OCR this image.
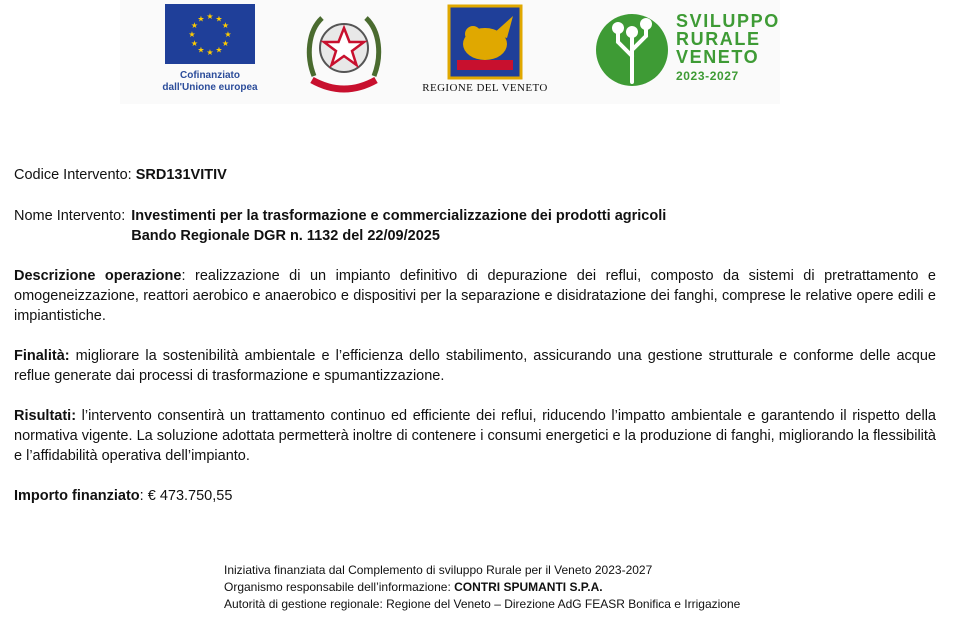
★ ★
★
★
★
★
★
★
★
★
★
★
Cofinanziato
dall'Unione europea	REGIONE DEL VENETO
SVILUPPO
RURALE
VENETO
2023-2027

Codice Intervento: SRD131VITIV

Nome Intervento: Investimenti per la trasformazione e commercializzazione dei prodotti agricoli
Bando Regionale DGR n. 1132 del 22/09/2025

Descrizione operazione: realizzazione di un impianto definitivo di depurazione dei reflui, composto da sistemi di pretrattamento e omogeneizzazione, reattori aerobico e anaerobico e dispositivi per la separazione e disidratazione dei fanghi, comprese le relative opere edili e impiantistiche.

Finalità: migliorare la sostenibilità ambientale e l’efficienza dello stabilimento, assicurando una gestione strutturale e conforme delle acque reflue generate dai processi di trasformazione e spumantizzazione.

Risultati: l’intervento consentirà un trattamento continuo ed efficiente dei reflui, riducendo l’impatto ambientale e garantendo il rispetto della normativa vigente. La soluzione adottata permetterà inoltre di contenere i consumi energetici e la produzione di fanghi, migliorando la flessibilità e l’affidabilità operativa dell’impianto.

Importo finanziato: € 473.750,55

Iniziativa finanziata dal Complemento di sviluppo Rurale per il Veneto 2023-2027
Organismo responsabile dell’informazione: CONTRI SPUMANTI S.P.A.
Autorità di gestione regionale: Regione del Veneto – Direzione AdG FEASR Bonifica e Irrigazione
